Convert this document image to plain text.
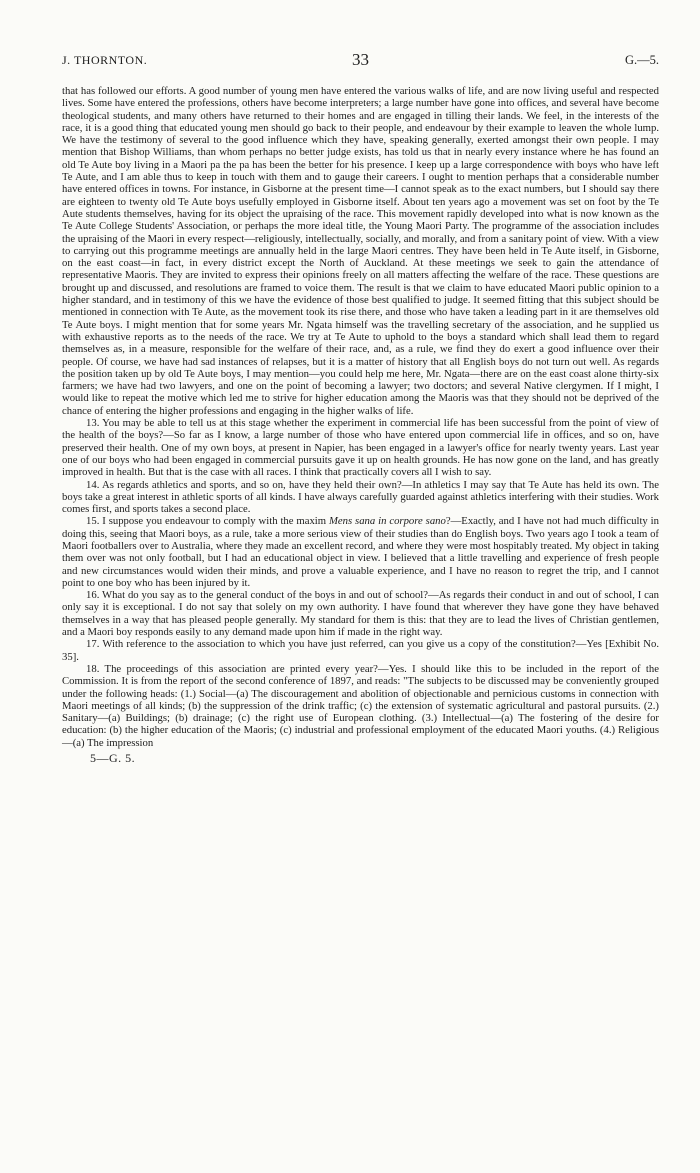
J. THORNTON.	33	G.—5.

that has followed our efforts. A good number of young men have entered the various walks of life, and are now living useful and respected lives. Some have entered the professions, others have become interpreters; a large number have gone into offices, and several have become theological students, and many others have returned to their homes and are engaged in tilling their lands. We feel, in the interests of the race, it is a good thing that educated young men should go back to their people, and endeavour by their example to leaven the whole lump. We have the testimony of several to the good influence which they have, speaking generally, exerted amongst their own people. I may mention that Bishop Williams, than whom perhaps no better judge exists, has told us that in nearly every instance where he has found an old Te Aute boy living in a Maori pa the pa has been the better for his presence. I keep up a large correspondence with boys who have left Te Aute, and I am able thus to keep in touch with them and to gauge their careers. I ought to mention perhaps that a considerable number have entered offices in towns. For instance, in Gisborne at the present time—I cannot speak as to the exact numbers, but I should say there are eighteen to twenty old Te Aute boys usefully employed in Gisborne itself. About ten years ago a movement was set on foot by the Te Aute students themselves, having for its object the upraising of the race. This movement rapidly developed into what is now known as the Te Aute College Students' Association, or perhaps the more ideal title, the Young Maori Party. The programme of the association includes the upraising of the Maori in every respect—religiously, intellectually, socially, and morally, and from a sanitary point of view. With a view to carrying out this programme meetings are annually held in the large Maori centres. They have been held in Te Aute itself, in Gisborne, on the east coast—in fact, in every district except the North of Auckland. At these meetings we seek to gain the attendance of representative Maoris. They are invited to express their opinions freely on all matters affecting the welfare of the race. These questions are brought up and discussed, and resolutions are framed to voice them. The result is that we claim to have educated Maori public opinion to a higher standard, and in testimony of this we have the evidence of those best qualified to judge. It seemed fitting that this subject should be mentioned in connection with Te Aute, as the movement took its rise there, and those who have taken a leading part in it are themselves old Te Aute boys. I might mention that for some years Mr. Ngata himself was the travelling secretary of the association, and he supplied us with exhaustive reports as to the needs of the race. We try at Te Aute to uphold to the boys a standard which shall lead them to regard themselves as, in a measure, responsible for the welfare of their race, and, as a rule, we find they do exert a good influence over their people. Of course, we have had sad instances of relapses, but it is a matter of history that all English boys do not turn out well. As regards the position taken up by old Te Aute boys, I may mention—you could help me here, Mr. Ngata—there are on the east coast alone thirty-six farmers; we have had two lawyers, and one on the point of becoming a lawyer; two doctors; and several Native clergymen. If I might, I would like to repeat the motive which led me to strive for higher education among the Maoris was that they should not be deprived of the chance of entering the higher professions and engaging in the higher walks of life.

13. You may be able to tell us at this stage whether the experiment in commercial life has been successful from the point of view of the health of the boys?—So far as I know, a large number of those who have entered upon commercial life in offices, and so on, have preserved their health. One of my own boys, at present in Napier, has been engaged in a lawyer's office for nearly twenty years. Last year one of our boys who had been engaged in commercial pursuits gave it up on health grounds. He has now gone on the land, and has greatly improved in health. But that is the case with all races. I think that practically covers all I wish to say.

14. As regards athletics and sports, and so on, have they held their own?—In athletics I may say that Te Aute has held its own. The boys take a great interest in athletic sports of all kinds. I have always carefully guarded against athletics interfering with their studies. Work comes first, and sports takes a second place.

15. I suppose you endeavour to comply with the maxim Mens sana in corpore sano?—Exactly, and I have not had much difficulty in doing this, seeing that Maori boys, as a rule, take a more serious view of their studies than do English boys. Two years ago I took a team of Maori footballers over to Australia, where they made an excellent record, and where they were most hospitably treated. My object in taking them over was not only football, but I had an educational object in view. I believed that a little travelling and experience of fresh people and new circumstances would widen their minds, and prove a valuable experience, and I have no reason to regret the trip, and I cannot point to one boy who has been injured by it.

16. What do you say as to the general conduct of the boys in and out of school?—As regards their conduct in and out of school, I can only say it is exceptional. I do not say that solely on my own authority. I have found that wherever they have gone they have behaved themselves in a way that has pleased people generally. My standard for them is this: that they are to lead the lives of Christian gentlemen, and a Maori boy responds easily to any demand made upon him if made in the right way.

17. With reference to the association to which you have just referred, can you give us a copy of the constitution?—Yes [Exhibit No. 35].

18. The proceedings of this association are printed every year?—Yes. I should like this to be included in the report of the Commission. It is from the report of the second conference of 1897, and reads: "The subjects to be discussed may be conveniently grouped under the following heads: (1.) Social—(a) The discouragement and abolition of objectionable and pernicious customs in connection with Maori meetings of all kinds; (b) the suppression of the drink traffic; (c) the extension of systematic agricultural and pastoral pursuits. (2.) Sanitary—(a) Buildings; (b) drainage; (c) the right use of European clothing. (3.) Intellectual—(a) The fostering of the desire for education: (b) the higher education of the Maoris; (c) industrial and professional employment of the educated Maori youths. (4.) Religious—(a) The impression

5—G. 5.
